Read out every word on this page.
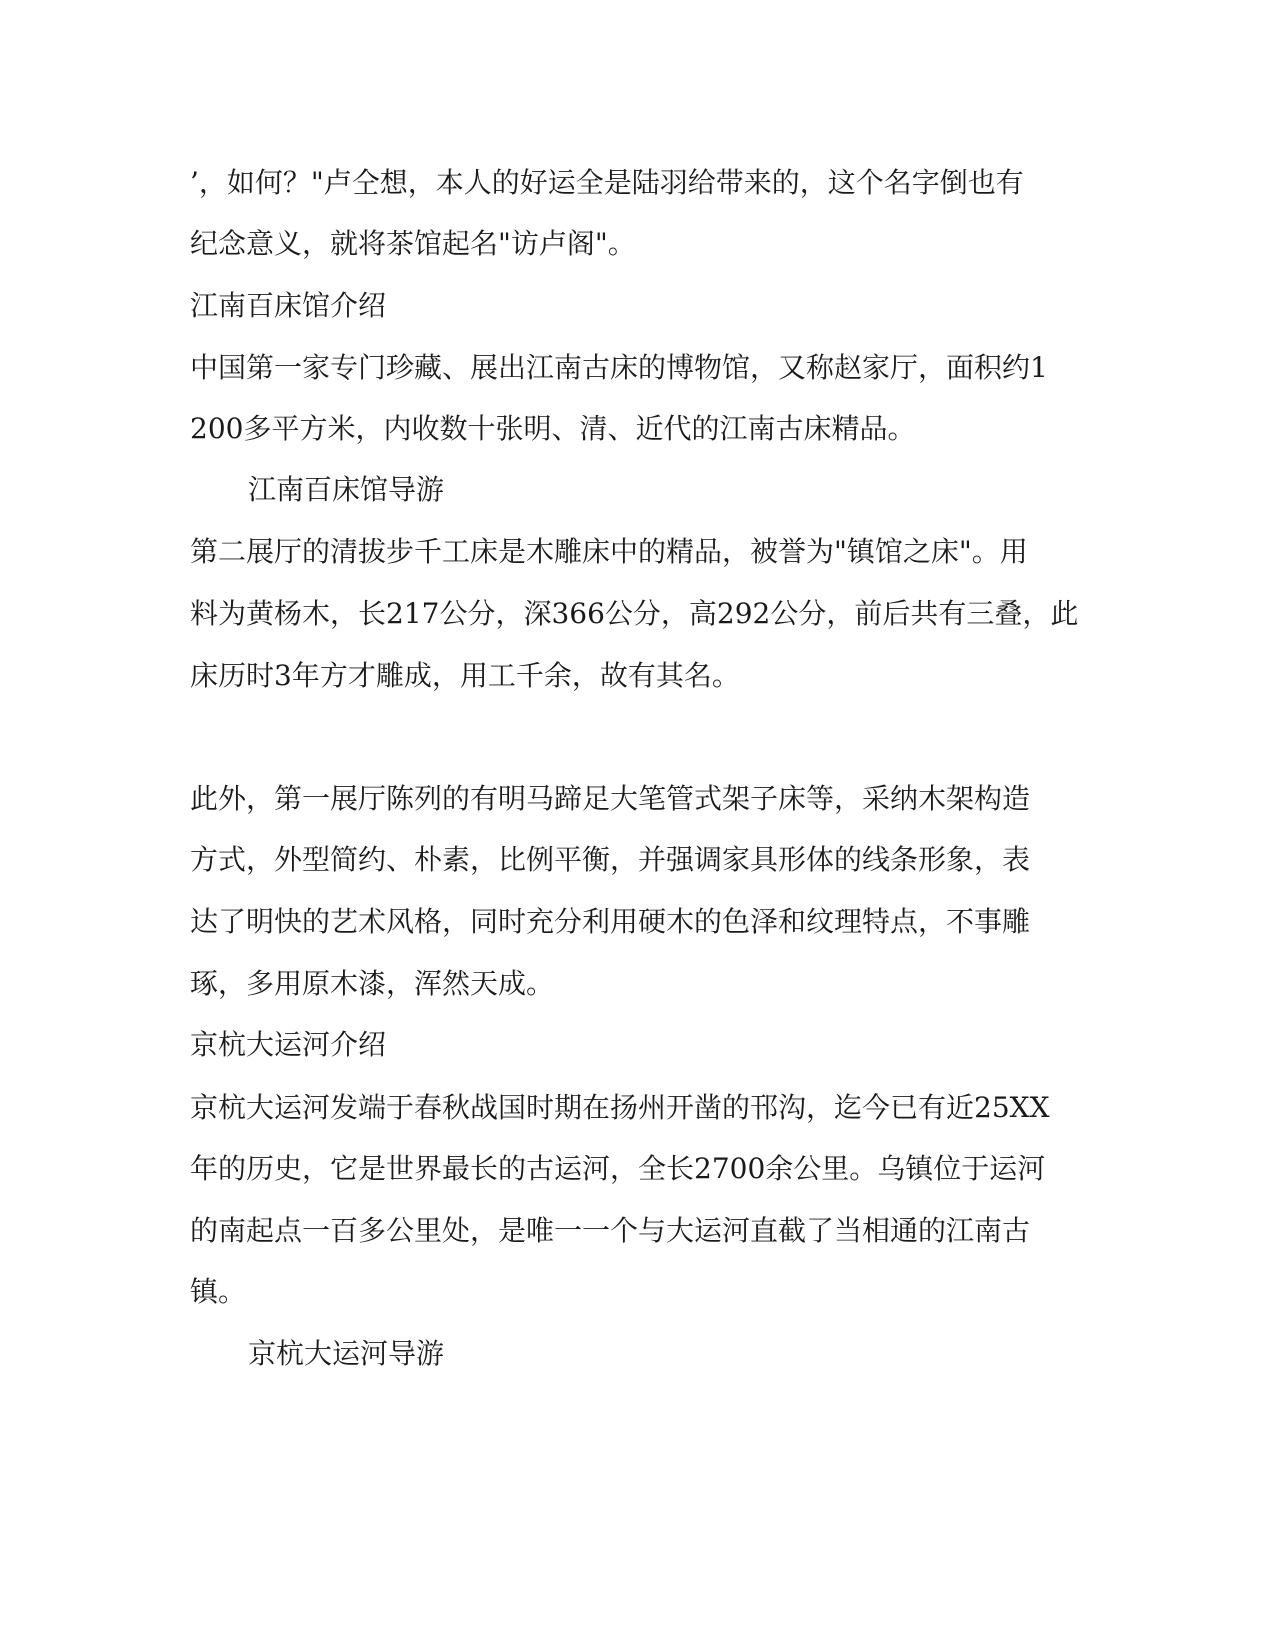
’，如何？"卢仝想，本人的好运全是陆羽给带来的，这个名字倒也有
纪念意义，就将茶馆起名"访卢阁"。
江南百床馆介绍
中国第一家专门珍藏、展出江南古床的博物馆，又称赵家厅，面积约1
200多平方米，内收数十张明、清、近代的江南古床精品。
江南百床馆导游
第二展厅的清拔步千工床是木雕床中的精品，被誉为"镇馆之床"。用
料为黄杨木，长217公分，深366公分，高292公分，前后共有三叠，此
床历时3年方才雕成，用工千余，故有其名。
此外，第一展厅陈列的有明马蹄足大笔管式架子床等，采纳木架构造
方式，外型简约、朴素，比例平衡，并强调家具形体的线条形象，表
达了明快的艺术风格，同时充分利用硬木的色泽和纹理特点，不事雕
琢，多用原木漆，浑然天成。
京杭大运河介绍
京杭大运河发端于春秋战国时期在扬州开凿的邗沟，迄今已有近25XX
年的历史，它是世界最长的古运河，全长2700余公里。乌镇位于运河
的南起点一百多公里处，是唯一一个与大运河直截了当相通的江南古
镇。
京杭大运河导游
